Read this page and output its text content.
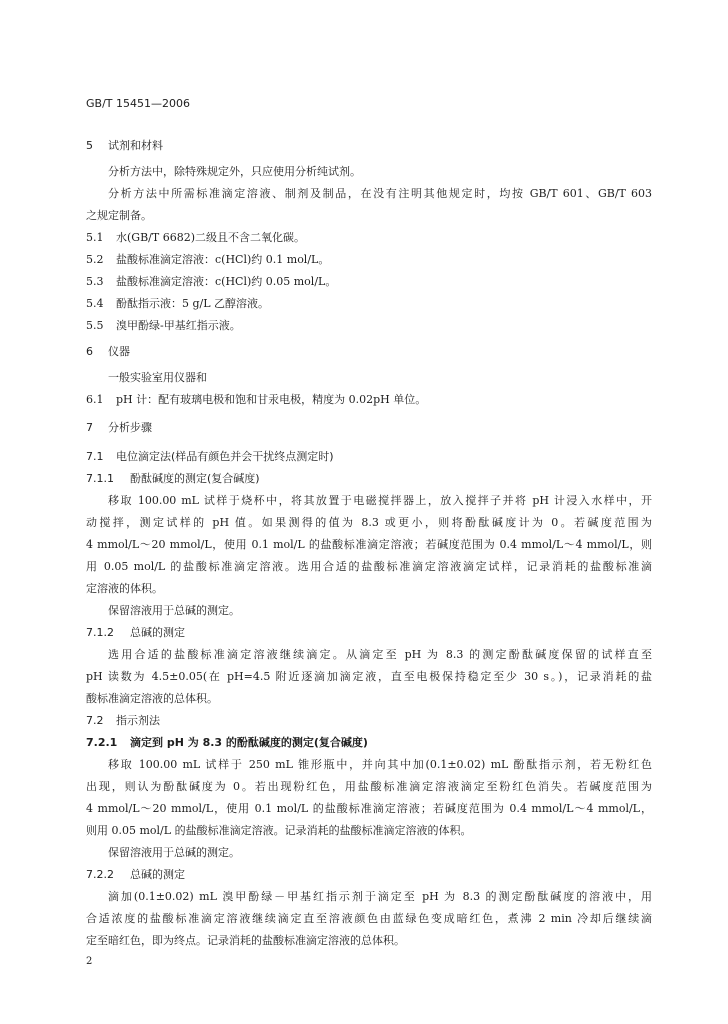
GB/T 15451—2006
5 试剂和材料
分析方法中，除特殊规定外，只应使用分析纯试剂。
分析方法中所需标准滴定溶液、制剂及制品，在没有注明其他规定时，均按 GB/T 601、GB/T 603
之规定制备。
5.1 水(GB/T 6682)二级且不含二氧化碳。
5.2 盐酸标准滴定溶液：c(HCl)约 0.1 mol/L。
5.3 盐酸标准滴定溶液：c(HCl)约 0.05 mol/L。
5.4 酚酞指示液：5 g/L 乙醇溶液。
5.5 溴甲酚绿-甲基红指示液。
6 仪器
一般实验室用仪器和
6.1 pH 计：配有玻璃电极和饱和甘汞电极，精度为 0.02pH 单位。
7 分析步骤
7.1 电位滴定法(样品有颜色并会干扰终点测定时)
7.1.1 酚酞碱度的测定(复合碱度)
移取 100.00 mL 试样于烧杯中，将其放置于电磁搅拌器上，放入搅拌子并将 pH 计浸入水样中，开
动搅拌，测定试样的 pH 值。如果测得的值为 8.3 或更小，则将酚酞碱度计为 0。若碱度范围为
4 mmol/L～20 mmol/L，使用 0.1 mol/L 的盐酸标准滴定溶液；若碱度范围为 0.4 mmol/L～4 mmol/L，则
用 0.05 mol/L 的盐酸标准滴定溶液。选用合适的盐酸标准滴定溶液滴定试样，记录消耗的盐酸标准滴
定溶液的体积。
保留溶液用于总碱的测定。
7.1.2 总碱的测定
选用合适的盐酸标准滴定溶液继续滴定。从滴定至 pH 为 8.3 的测定酚酞碱度保留的试样直至
pH 读数为 4.5±0.05(在 pH=4.5 附近逐滴加滴定液，直至电极保持稳定至少 30 s。)，记录消耗的盐
酸标准滴定溶液的总体积。
7.2 指示剂法
7.2.1 滴定到 pH 为 8.3 的酚酞碱度的测定(复合碱度)
移取 100.00 mL 试样于 250 mL 锥形瓶中，并向其中加(0.1±0.02) mL 酚酞指示剂，若无粉红色
出现，则认为酚酞碱度为 0。若出现粉红色，用盐酸标准滴定溶液滴定至粉红色消失。若碱度范围为
4 mmol/L～20 mmol/L，使用 0.1 mol/L 的盐酸标准滴定溶液；若碱度范围为 0.4 mmol/L～4 mmol/L，
则用 0.05 mol/L 的盐酸标准滴定溶液。记录消耗的盐酸标准滴定溶液的体积。
保留溶液用于总碱的测定。
7.2.2 总碱的测定
滴加(0.1±0.02) mL 溴甲酚绿－甲基红指示剂于滴定至 pH 为 8.3 的测定酚酞碱度的溶液中，用
合适浓度的盐酸标准滴定溶液继续滴定直至溶液颜色由蓝绿色变成暗红色，煮沸 2 min 冷却后继续滴
定至暗红色，即为终点。记录消耗的盐酸标准滴定溶液的总体积。
2
